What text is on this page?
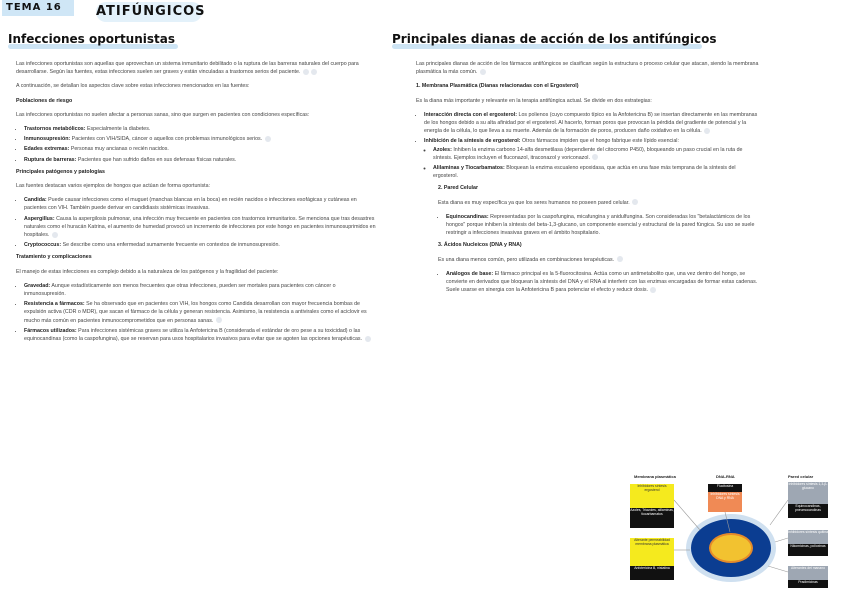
TEMA 16	ATIFÚNGICOS
Infecciones oportunistas	Principales dianas de acción de los antifúngicos

Las infecciones oportunistas son aquellas que aprovechan un sistema inmunitario debilitado o la ruptura de las barreras naturales del cuerpo para desarrollarse. Según las fuentes, estas infecciones suelen ser graves y están vinculadas a trastornos serios del paciente.

A continuación, se detallan los aspectos clave sobre estas infecciones mencionados en las fuentes:

Poblaciones de riesgo

Las infecciones oportunistas no suelen afectar a personas sanas, sino que surgen en pacientes con condiciones específicas:

• Trastornos metabólicos: Especialmente la diabetes.
• Inmunosupresión: Pacientes con VIH/SIDA, cáncer o aquellos con problemas inmunológicos serios.
• Edades extremas: Personas muy ancianas o recién nacidos.
• Ruptura de barreras: Pacientes que han sufrido daños en sus defensas físicas naturales.
Principales patógenos y patologías

Las fuentes destacan varios ejemplos de hongos que actúan de forma oportunista:

• Candida: Puede causar infecciones como el muguet (manchas blancas en la boca) en recién nacidos o infecciones esofágicas y cutáneas en pacientes con VIH. También puede derivar en candidiasis sistémicas invasivas.
• Aspergillus: Causa la aspergilosis pulmonar, una infección muy frecuente en pacientes con trastornos inmunitarios. Se menciona que tras desastres naturales como el huracán Katrina, el aumento de humedad provocó un incremento de infecciones por este hongo en pacientes inmunosuprimidos en hospitales.
• Cryptococcus: Se describe como una enfermedad sumamente frecuente en contextos de inmunosupresión.
Tratamiento y complicaciones

El manejo de estas infecciones es complejo debido a la naturaleza de los patógenos y la fragilidad del paciente:

• Gravedad: Aunque estadísticamente son menos frecuentes que otras infecciones, pueden ser mortales para pacientes con cáncer o inmunosupresión.
• Resistencia a fármacos: Se ha observado que en pacientes con VIH, los hongos como Candida desarrollan con mayor frecuencia bombas de expulsión activa (CDR o MDR), que sacan el fármaco de la célula y generan resistencia. Asimismo, la resistencia a antivirales como el aciclovir es mucho más común en pacientes inmunocomprometidos que en personas sanas.
• Fármacos utilizados: Para infecciones sistémicas graves se utiliza la Anfotericina B (considerada el estándar de oro pese a su toxicidad) o las equinocandinas (como la caspofungina), que se reservan para usos hospitalarios invasivos para evitar que se agoten las opciones terapéuticas.

Las principales dianas de acción de los fármacos antifúngicos se clasifican según la estructura o proceso celular que atacan, siendo la membrana plasmática la más común.

1. Membrana Plasmática (Dianas relacionadas con el Ergosterol)

Es la diana más importante y relevante en la terapia antifúngica actual. Se divide en dos estrategias:

• Interacción directa con el ergosterol: Los polienos (cuyo compuesto típico es la Anfotericina B) se insertan directamente en las membranas de los hongos debido a su alta afinidad por el ergosterol. Al hacerlo, forman poros que provocan la pérdida del gradiente de potencial y la energía de la célula, lo que lleva a su muerte. Además de la formación de poros, producen daño oxidativo en la célula.
• Inhibición de la síntesis de ergosterol: Otros fármacos impiden que el hongo fabrique este lípido esencial:
◦ Azoles: Inhiben la enzima carbono 14-alfa desmetilasa (dependiente del citocromo P450), bloqueando un paso crucial en la ruta de síntesis. Ejemplos incluyen el fluconazol, itraconazol y voriconazol.
◦ Alilaminas y Tiocarbamatos: Bloquean la enzima escualeno epoxidasa, que actúa en una fase más temprana de la síntesis del ergosterol.
2. Pared Celular

Esta diana es muy específica ya que los seres humanos no poseen pared celular.

• Equinocandinas: Representadas por la caspofungina, micafungina y anidulfungina. Son consideradas los "betalactámicos de los hongos" porque inhiben la síntesis del beta-1,3-glucano, un componente esencial y estructural de la pared fúngica. Su uso se suele restringir a infecciones invasivas graves en el ámbito hospitalario.
3. Ácidos Nucleicos (DNA y RNA)

Es una diana menos común, pero utilizada en combinaciones terapéuticas.

• Análogos de base: El fármaco principal es la 5-fluorocitosina. Actúa como un antimetabolito que, una vez dentro del hongo, se convierte en derivados que bloquean la síntesis del DNA y el RNA al interferir con las enzimas encargadas de formar estas cadenas. Suele usarse en sinergia con la Anfotericina B para potenciar el efecto y reducir dosis.
Membrana plasmática	DNA-RNA	Pared celular
Inhibidores síntesis ergosterol
Azoles, Triazoles, alilaminas, tiocarbamatos
Alterante permeabilidad membrana plasmática
Anfotericina B, nistatina
Flucitosina
Inhibidores síntesis DNA y RNA
Inhibidores síntesis 1,3-β-glucano
Equinocandinas, pneumocandinas
Inhibidores síntesis quitina
Nikomicinas, polioxinas
Alterantes del manano
Pradimicinas
